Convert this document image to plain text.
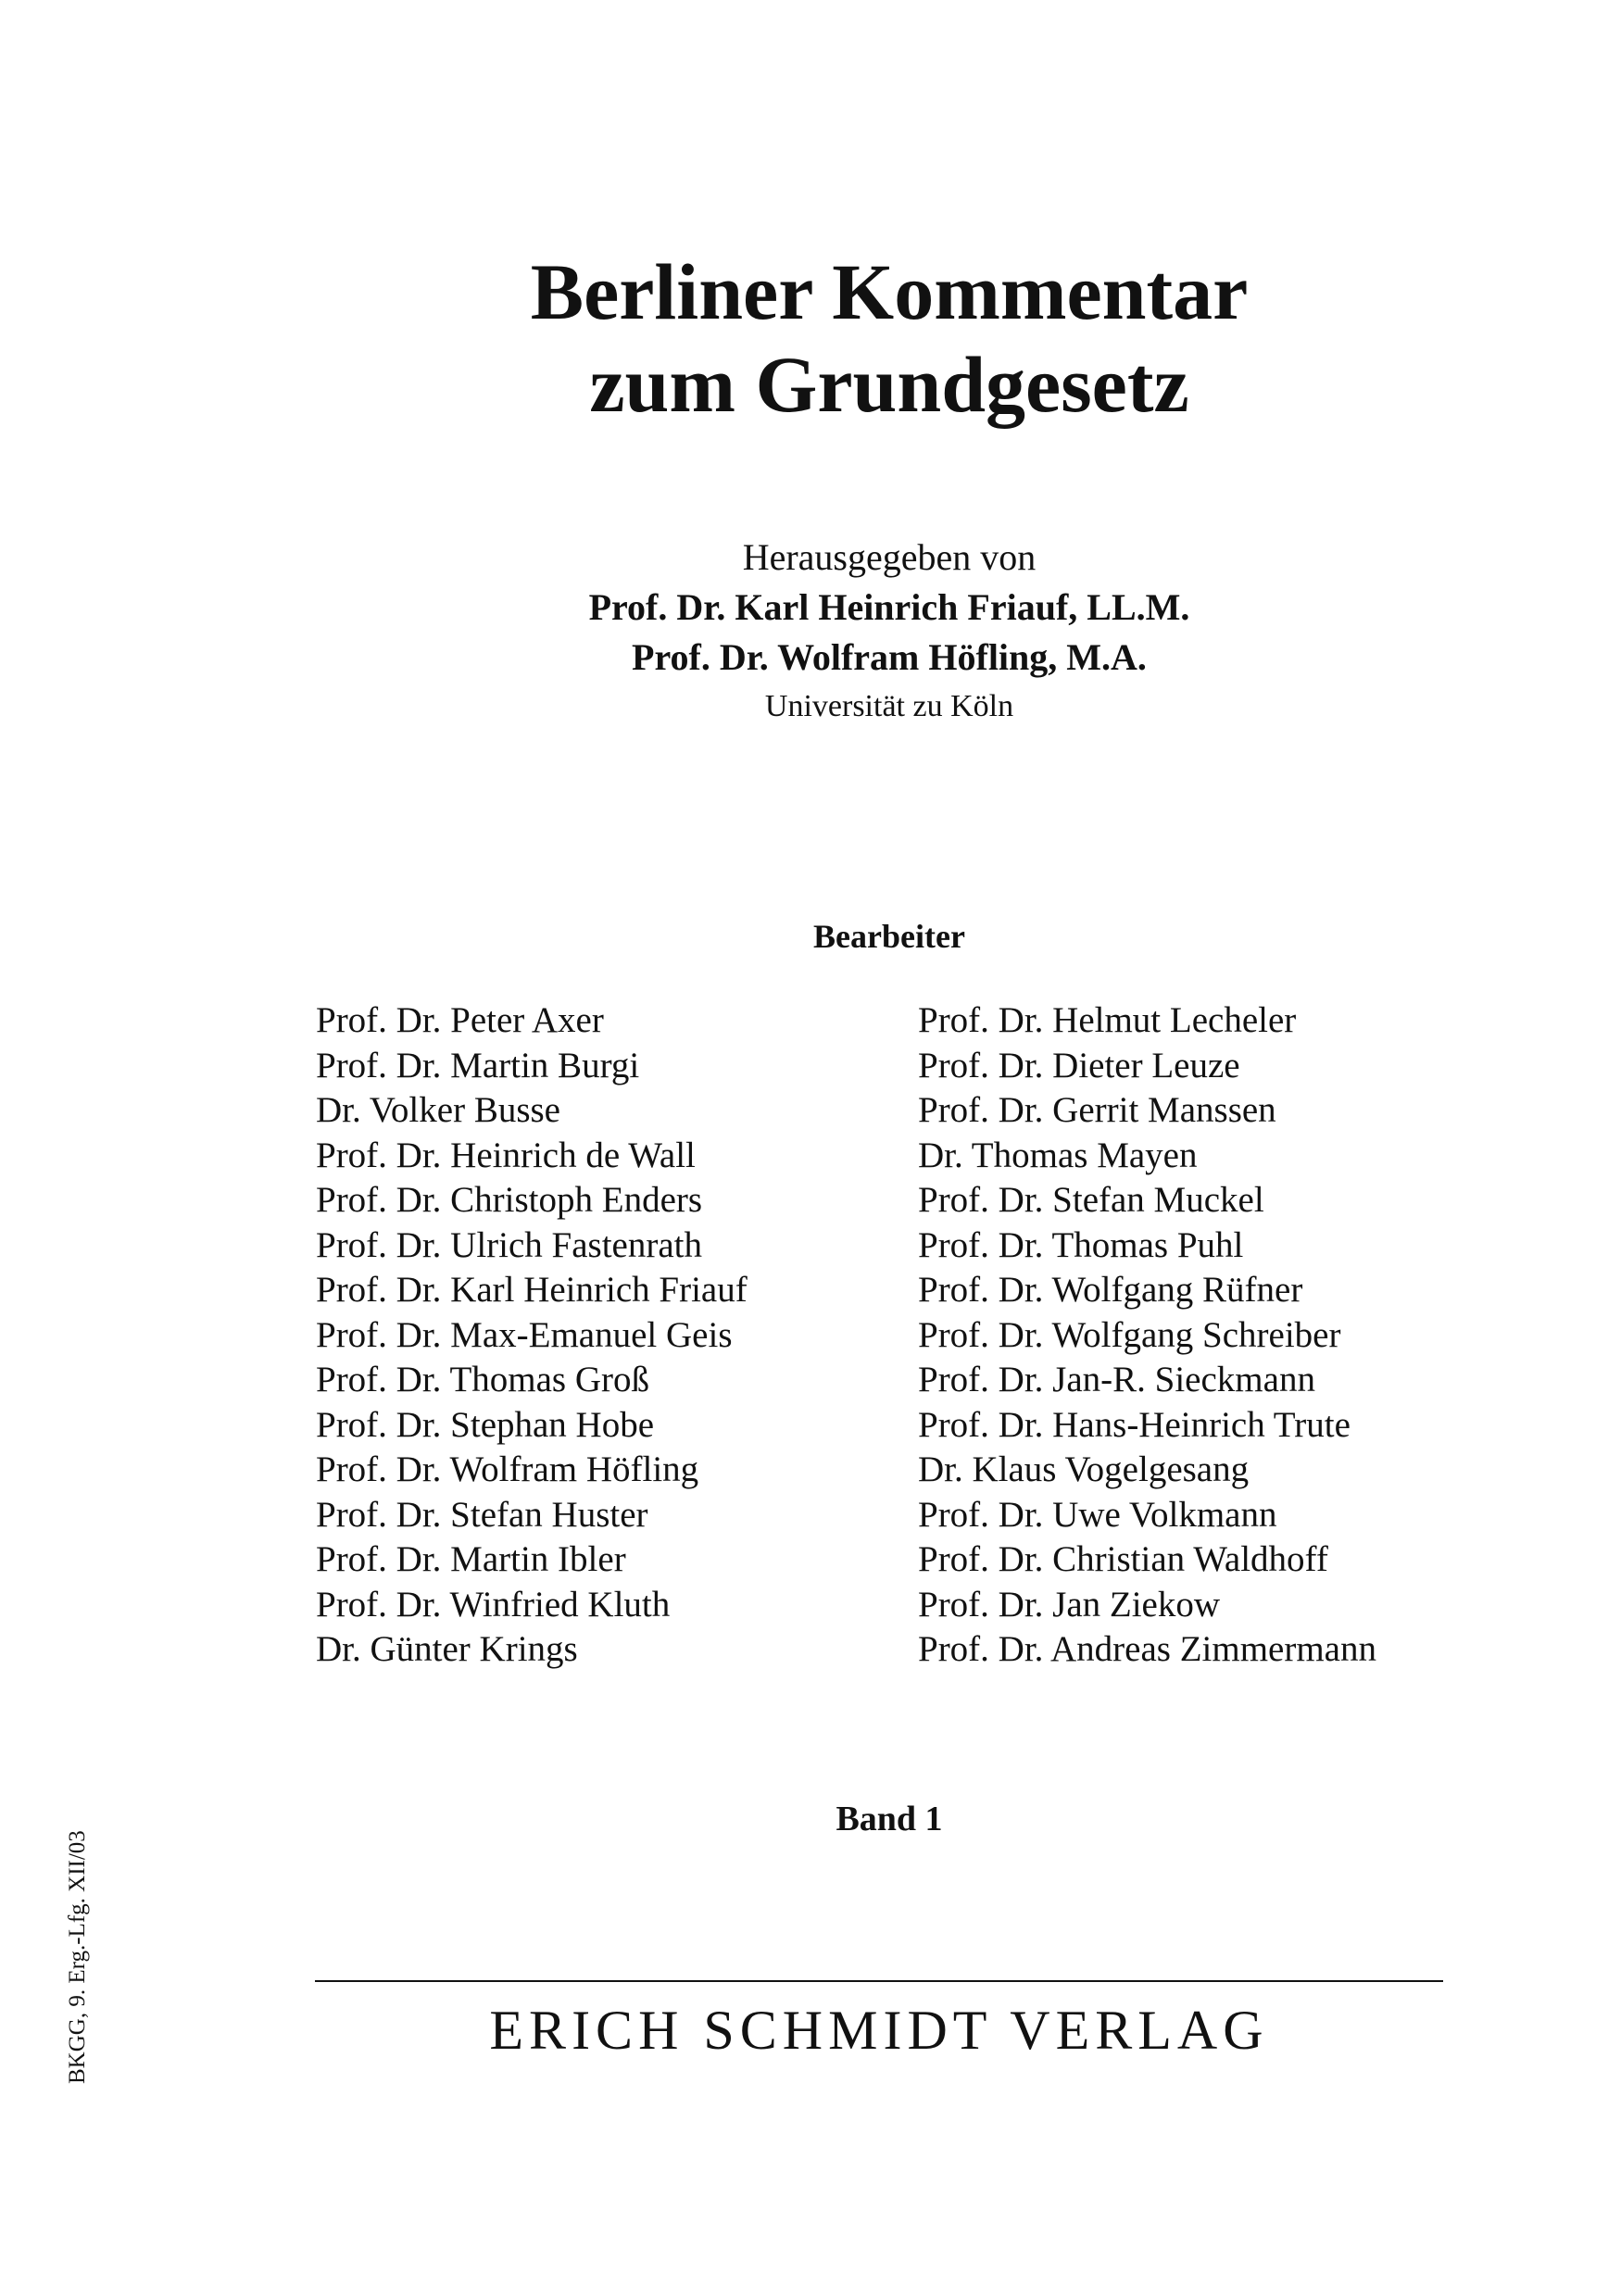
Berliner Kommentar
zum Grundgesetz
Herausgegeben von
Prof. Dr. Karl Heinrich Friauf, LL.M.
Prof. Dr. Wolfram Höfling, M.A.
Universität zu Köln
Bearbeiter
Prof. Dr. Peter Axer
Prof. Dr. Martin Burgi
Dr. Volker Busse
Prof. Dr. Heinrich de Wall
Prof. Dr. Christoph Enders
Prof. Dr. Ulrich Fastenrath
Prof. Dr. Karl Heinrich Friauf
Prof. Dr. Max-Emanuel Geis
Prof. Dr. Thomas Groß
Prof. Dr. Stephan Hobe
Prof. Dr. Wolfram Höfling
Prof. Dr. Stefan Huster
Prof. Dr. Martin Ibler
Prof. Dr. Winfried Kluth
Dr. Günter Krings
Prof. Dr. Helmut Lecheler
Prof. Dr. Dieter Leuze
Prof. Dr. Gerrit Manssen
Dr. Thomas Mayen
Prof. Dr. Stefan Muckel
Prof. Dr. Thomas Puhl
Prof. Dr. Wolfgang Rüfner
Prof. Dr. Wolfgang Schreiber
Prof. Dr. Jan-R. Sieckmann
Prof. Dr. Hans-Heinrich Trute
Dr. Klaus Vogelgesang
Prof. Dr. Uwe Volkmann
Prof. Dr. Christian Waldhoff
Prof. Dr. Jan Ziekow
Prof. Dr. Andreas Zimmermann
Band 1
ERICH SCHMIDT VERLAG
BKGG, 9. Erg.-Lfg. XII/03
